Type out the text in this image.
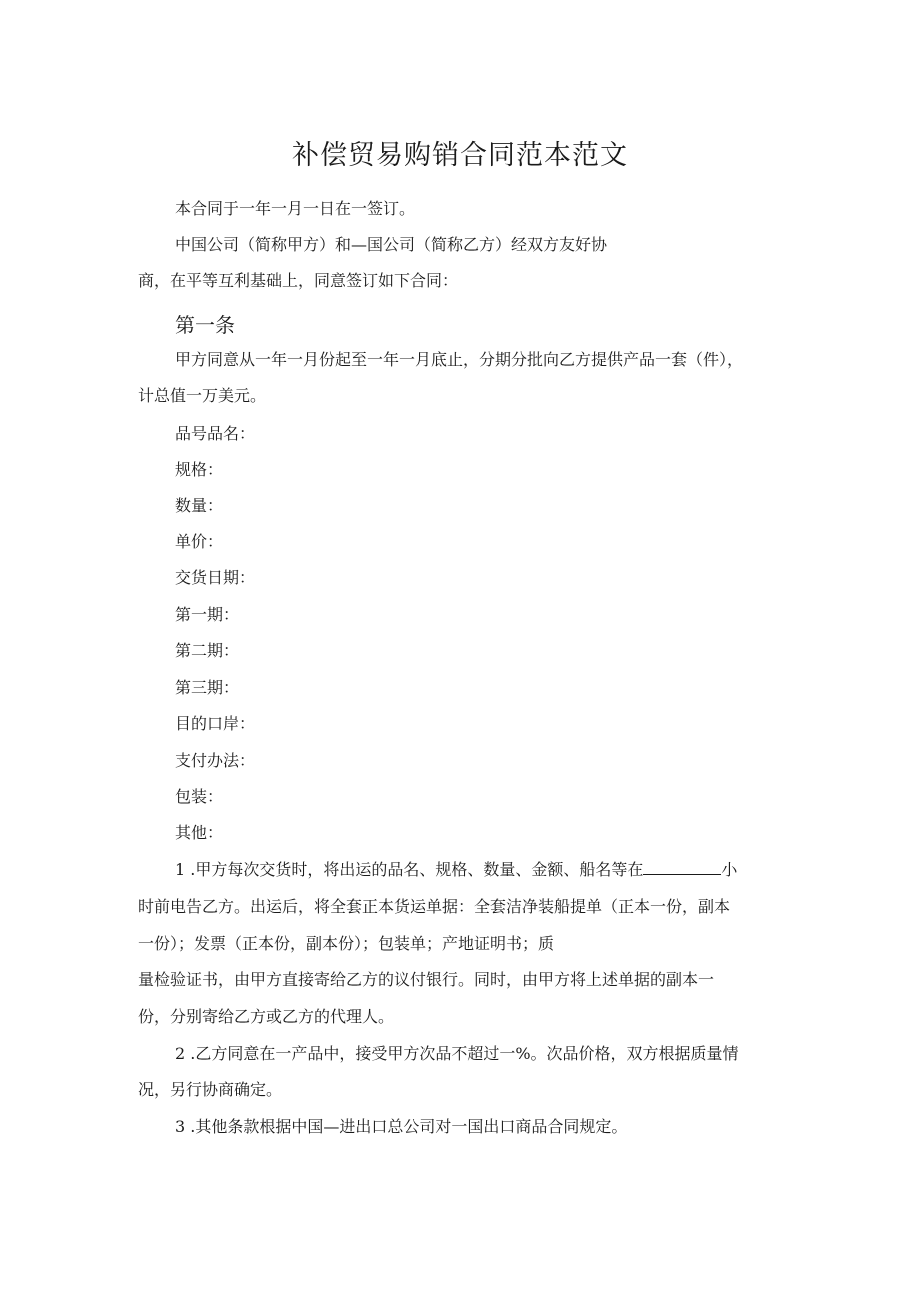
补偿贸易购销合同范本范文
本合同于一年一月一日在一签订。
中国公司（简称甲方）和—国公司（简称乙方）经双方友好协
商，在平等互利基础上，同意签订如下合同：
第一条
甲方同意从一年一月份起至一年一月底止，分期分批向乙方提供产品一套（件），
计总值一万美元。
品号品名：
规格：
数量：
单价：
交货日期：
第一期：
第二期：
第三期：
目的口岸：
支付办法：
包装：
其他：
1 .甲方每次交货时，将出运的品名、规格、数量、金额、船名等在	小
时前电告乙方。出运后，将全套正本货运单据：全套洁净装船提单（正本一份，副本
一份）；发票（正本份，副本份）；包装单；产地证明书；质
量检验证书，由甲方直接寄给乙方的议付银行。同时，由甲方将上述单据的副本一
份，分别寄给乙方或乙方的代理人。
2 .乙方同意在一产品中，接受甲方次品不超过一%。次品价格，双方根据质量情
况，另行协商确定。
3 .其他条款根据中国—进出口总公司对一国出口商品合同规定。
